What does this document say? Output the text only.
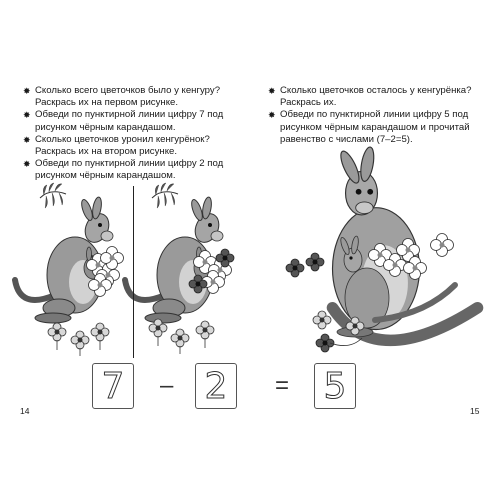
✸ Сколько всего цветочков было у кенгуру? Раскрась их на первом рисунке.
✸ Обведи по пунктирной линии цифру 7 под рисунком чёрным карандашом.
✸ Сколько цветочков уронил кенгурёнок? Раскрась их на втором рисунке.
✸ Обведи по пунктирной линии цифру 2 под рисунком чёрным карандашом.
✸ Сколько цветочков осталось у кенгурёнка? Раскрась их.
✸ Обведи по пунктирной линии цифру 5 под рисунком чёрным карандашом и прочитай равенство с числами (7–2=5).
7	– 2	= 5
14	15
